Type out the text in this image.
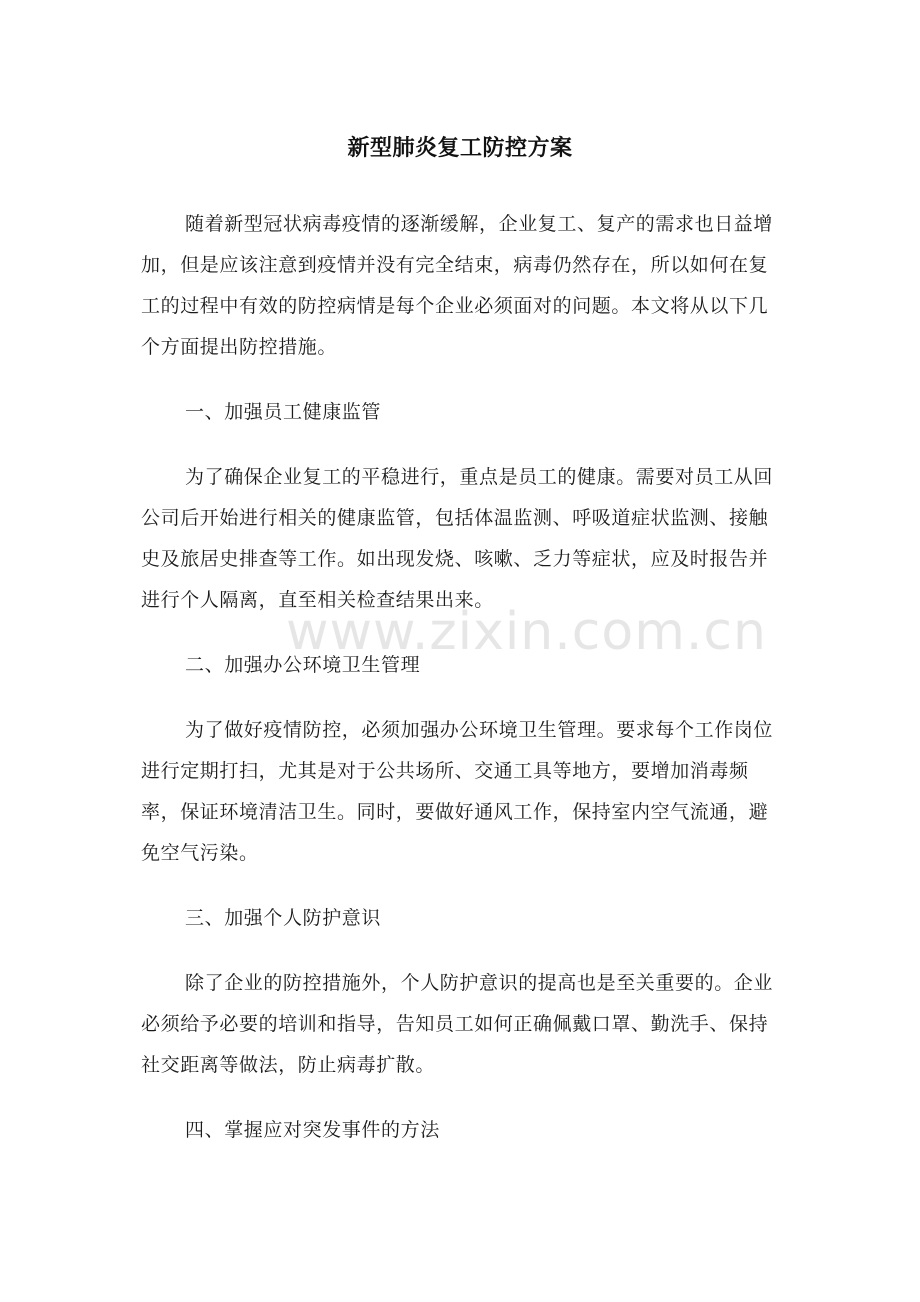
新型肺炎复工防控方案

随着新型冠状病毒疫情的逐渐缓解，企业复工、复产的需求也日益增加，但是应该注意到疫情并没有完全结束，病毒仍然存在，所以如何在复工的过程中有效的防控病情是每个企业必须面对的问题。本文将从以下几个方面提出防控措施。

一、加强员工健康监管

为了确保企业复工的平稳进行，重点是员工的健康。需要对员工从回公司后开始进行相关的健康监管，包括体温监测、呼吸道症状监测、接触史及旅居史排查等工作。如出现发烧、咳嗽、乏力等症状，应及时报告并进行个人隔离，直至相关检查结果出来。

二、加强办公环境卫生管理

为了做好疫情防控，必须加强办公环境卫生管理。要求每个工作岗位进行定期打扫，尤其是对于公共场所、交通工具等地方，要增加消毒频率，保证环境清洁卫生。同时，要做好通风工作，保持室内空气流通，避免空气污染。

三、加强个人防护意识

除了企业的防控措施外，个人防护意识的提高也是至关重要的。企业必须给予必要的培训和指导，告知员工如何正确佩戴口罩、勤洗手、保持社交距离等做法，防止病毒扩散。

四、掌握应对突发事件的方法

www.zixin.com.cn
